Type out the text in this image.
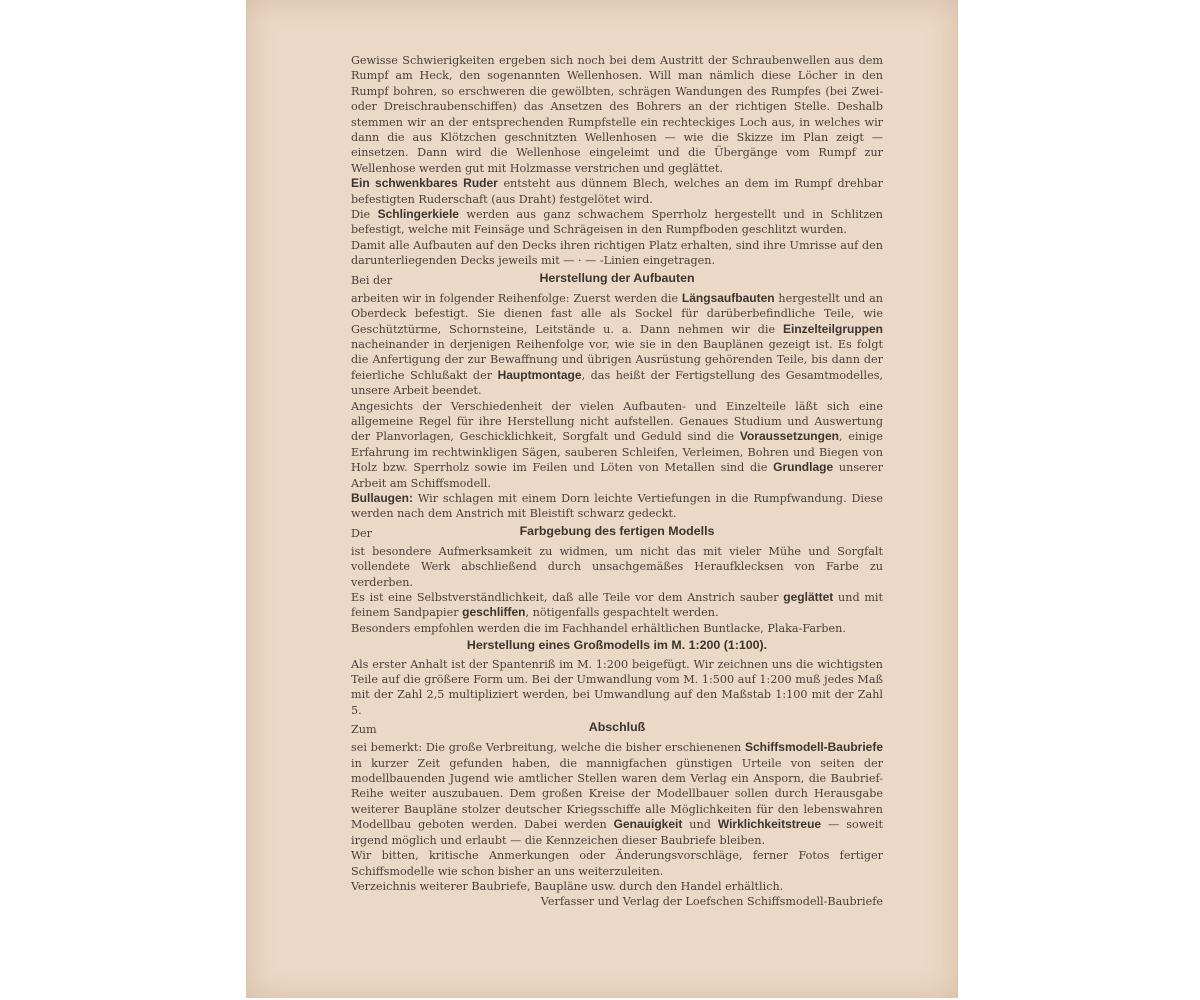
Gewisse Schwierigkeiten ergeben sich noch bei dem Austritt der Schraubenwellen aus dem Rumpf am Heck, den sogenannten Wellenhosen. Will man nämlich diese Löcher in den Rumpf bohren, so erschweren die gewölbten, schrägen Wandungen des Rumpfes (bei Zwei- oder Dreischraubenschiffen) das Ansetzen des Bohrers an der richtigen Stelle. Deshalb stemmen wir an der entsprechenden Rumpfstelle ein rechteckiges Loch aus, in welches wir dann die aus Klötzchen geschnitzten Wellenhosen — wie die Skizze im Plan zeigt — einsetzen. Dann wird die Wellenhose eingeleimt und die Übergänge vom Rumpf zur Wellenhose werden gut mit Holzmasse verstrichen und geglättet.

Ein schwenkbares Ruder entsteht aus dünnem Blech, welches an dem im Rumpf drehbar befestigten Ruderschaft (aus Draht) festgelötet wird.

Die Schlingerkiele werden aus ganz schwachem Sperrholz hergestellt und in Schlitzen befestigt, welche mit Feinsäge und Schrägeisen in den Rumpfboden geschlitzt wurden.

Damit alle Aufbauten auf den Decks ihren richtigen Platz erhalten, sind ihre Umrisse auf den darunterliegenden Decks jeweils mit — · — -Linien eingetragen.

Bei der	Herstellung der Aufbauten

arbeiten wir in folgender Reihenfolge: Zuerst werden die Längsaufbauten hergestellt und an Oberdeck befestigt. Sie dienen fast alle als Sockel für darüberbefindliche Teile, wie Geschütztürme, Schornsteine, Leitstände u. a. Dann nehmen wir die Einzelteilgruppen nacheinander in derjenigen Reihenfolge vor, wie sie in den Bauplänen gezeigt ist. Es folgt die Anfertigung der zur Bewaffnung und übrigen Ausrüstung gehörenden Teile, bis dann der feierliche Schlußakt der Hauptmontage, das heißt der Fertigstellung des Gesamtmodelles, unsere Arbeit beendet.

Angesichts der Verschiedenheit der vielen Aufbauten- und Einzelteile läßt sich eine allgemeine Regel für ihre Herstellung nicht aufstellen. Genaues Studium und Auswertung der Planvorlagen, Geschicklichkeit, Sorgfalt und Geduld sind die Voraussetzungen, einige Erfahrung im rechtwinkligen Sägen, sauberen Schleifen, Verleimen, Bohren und Biegen von Holz bzw. Sperrholz sowie im Feilen und Löten von Metallen sind die Grundlage unserer Arbeit am Schiffsmodell.

Bullaugen: Wir schlagen mit einem Dorn leichte Vertiefungen in die Rumpfwandung. Diese werden nach dem Anstrich mit Bleistift schwarz gedeckt.

Der	Farbgebung des fertigen Modells

ist besondere Aufmerksamkeit zu widmen, um nicht das mit vieler Mühe und Sorgfalt vollendete Werk abschließend durch unsachgemäßes Heraufklecksen von Farbe zu verderben.

Es ist eine Selbstverständlichkeit, daß alle Teile vor dem Anstrich sauber geglättet und mit feinem Sandpapier geschliffen, nötigenfalls gespachtelt werden.

Besonders empfohlen werden die im Fachhandel erhältlichen Buntlacke, Plaka-Farben.

Herstellung eines Großmodells im M. 1:200 (1:100).

Als erster Anhalt ist der Spantenriß im M. 1:200 beigefügt. Wir zeichnen uns die wichtigsten Teile auf die größere Form um. Bei der Umwandlung vom M. 1:500 auf 1:200 muß jedes Maß mit der Zahl 2,5 multipliziert werden, bei Umwandlung auf den Maßstab 1:100 mit der Zahl 5.

Zum	Abschluß

sei bemerkt: Die große Verbreitung, welche die bisher erschienenen Schiffsmodell-Baubriefe in kurzer Zeit gefunden haben, die mannigfachen günstigen Urteile von seiten der modellbauenden Jugend wie amtlicher Stellen waren dem Verlag ein Ansporn, die Baubrief-Reihe weiter auszubauen. Dem großen Kreise der Modellbauer sollen durch Herausgabe weiterer Baupläne stolzer deutscher Kriegsschiffe alle Möglichkeiten für den lebenswahren Modellbau geboten werden. Dabei werden Genauigkeit und Wirklichkeitstreue — soweit irgend möglich und erlaubt — die Kennzeichen dieser Baubriefe bleiben.

Wir bitten, kritische Anmerkungen oder Änderungsvorschläge, ferner Fotos fertiger Schiffsmodelle wie schon bisher an uns weiterzuleiten.

Verzeichnis weiterer Baubriefe, Baupläne usw. durch den Handel erhältlich.

Verfasser und Verlag der Loefschen Schiffsmodell-Baubriefe
